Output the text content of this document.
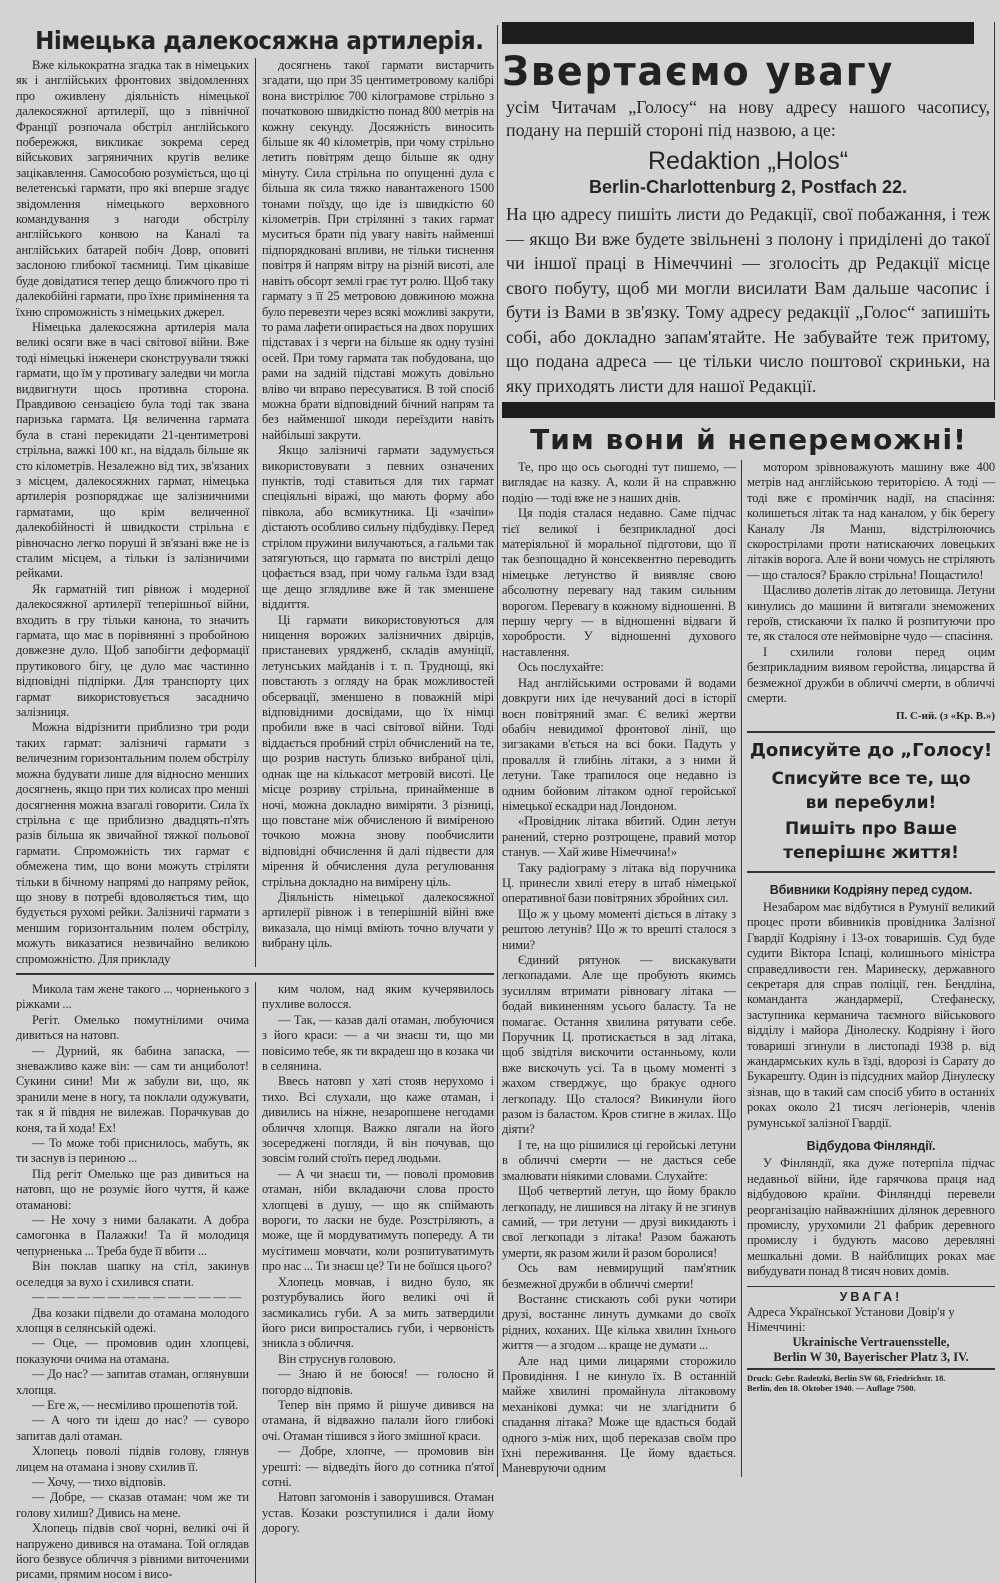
Німецька далекосяжна артилерія.

Вже кількократна згадка так в німецьких як і англійських фронтових звідомленнях про оживлену діяльність німецької далекосяжної артилерії, що з північної Франції розпочала обстріл англійського побережжя, викликає зокрема серед військових загряничних кругів велике зацікавлення. Самособою розуміється, що ці велетенські гармати, про які вперше згадує звідомлення німецького верховного командування з нагоди обстрілу англійського конвою на Каналі та англійських батарей побіч Довр, оповиті заслоною глибокої таємниці. Тим цікавіше буде довідатися тепер дещо ближчого про ті далекобійні гармати, про їхнє примінення та їхню спроможність з німецьких джерел.

Німецька далекосяжна артилерія мала великі осяги вже в часі світової війни. Вже тоді німецькі інженери сконструували тяжкі гармати, що їм у противагу заледви чи могла видвигнути щось противна сторона. Правдивою сензацією була тоді так звана паризька гармата. Ця величенна гармата була в стані перекидати 21-центиметрові стрільна, важкі 100 кг., на віддаль більше як сто кілометрів. Незалежно від тих, зв'язаних з місцем, далекосяжних гармат, німецька артилерія розпоряджає ще залізничними гарматами, що крім величенної далекобійності й швидкости стрільна є рівночасно легко поруші й зв'язані вже не із сталим місцем, а тільки із залізничими рейками.

Як гарматній тип рівнож і модерної далекосяжної артилерії теперішньої війни, входить в гру тільки канона, то значить гармата, що має в порівнянні з пробойною довжезне дуло. Щоб запобігти деформації прутикового бігу, це дуло має частинно відповідні підпірки. Для транспорту цих гармат використовується засадничо залізниця.

Можна відрізнити приблизно три роди таких гармат: залізничі гармати з величезним горизонтальним полем обстрілу можна будувати лише для відносно менших досягнень, якщо при тих колисах про менші досягнення можна взагалі говорити. Сила їх стрільна є ще приблизно двадцять-п'ять разів більша як звичайної тяжкої польової гармати. Спроможність тих гармат є обмежена тим, що вони можуть стріляти тільки в бічному напрямі до напряму рейок, що знову в потребі вдоволяється тим, що будується рухомі рейки. Залізничі гармати з меншим горизонтальним полем обстрілу, можуть виказатися незвичайно великою спроможністю. Для прикладу

досягнень такої гармати вистарчить згадати, що при 35 центиметровому калібрі вона вистрілює 700 кілограмове стрільно з початковою швидкістю понад 800 метрів на кожну секунду. Досяжність виносить більше як 40 кілометрів, при чому стрільно летить повітрям дещо більше як одну мінуту. Сила стрільна по опущенні дула є більша як сила тяжко навантаженого 1500 тонами поїзду, що іде із швидкістю 60 кілометрів. При стрілянні з таких гармат муситься брати під увагу навіть найменші підпорядковані впливи, не тільки тиснення повітря й напрям вітру на різній висоті, але навіть обсорт землі грає тут ролю. Щоб таку гармату з її 25 метровою довжиною можна було перевезти через всякі можливі закрути, то рама лафети опирається на двох поруших підставах і з черги на більше як одну тузіні осей. При тому гармата так побудована, що рами на задній підставі можуть довільно вліво чи вправо пересуватися. В той спосіб можна брати відповідний бічний напрям та без найменшої шкоди переїздити навіть найбільші закрути.

Якщо залізничі гармати задумується використовувати з певних означених пунктів, тоді ставиться для тих гармат спеціяльні віражі, що мають форму або півкола, або всмикутника. Ці «зачіпи» дістають особливо сильну підбудівку. Перед стрілом пружини вилучаються, а гальми так затягуються, що гармата по вистрілі дещо цофається взад, при чому гальма їзди взад ще дещо зглядливе вже й так зменшене віддиття.

Ці гармати використовуються для нищення ворожих залізничних двірців, пристаневих урядженб, складів амуніції, летунських майданів і т. п. Труднощі, які повстають з огляду на брак можливостей обсервації, зменшено в поважній мірі відповідними досвідами, що їх німці пробили вже в часі світової війни. Тоді віддається пробний стріл обчислений на те, що розрив настуть близько вибраної цілі, однак ще на кількасот метровій висоті. Це місце розриву стрільна, принайменше в ночі, можна докладно виміряти. З різниці, що повстане між обчисленою й виміреною точкою можна знову пообчислити відповідні обчислення й далі підвести для мірення й обчислення дула регулювання стрільна докладно на вимірену ціль.

Діяльність німецької далекосяжної артилерії рівнож і в теперішній війні вже виказала, що німці вміють точно влучати у вибрану ціль.

Микола там жене такого ... чорненького з ріжками ...

Регіт. Омелько помутнілими очима дивиться на натовп.

— Дурний, як бабина запаска, — зневажливо каже він: — сам ти анциболот! Сукини сини! Ми ж забули ви, що, як зранили мене в ногу, та поклали одужувати, так я й півдня не вилежав. Порачкував до коня, та й хода! Ех!

— То може тобі приснилось, мабуть, як ти заснув із периною ...

Під регіт Омелько ще раз дивиться на натовп, що не розуміє його чуття, й каже отаманові:

— Не хочу з ними балакати. А добра самогонка в Палажки! Та й молодиця чепурненька ... Треба буде її вбити ...

Він поклав шапку на стіл, закинув оселедця за вухо і схилився спати.

— — — — — — — — — — — — — —

Два козаки підвели до отамана молодого хлопця в селянській одежі.

— Оце, — промовив один хлопцеві, показуючи очима на отамана.

— До нас? — запитав отаман, оглянувши хлопця.

— Еге ж, — несміливо прошепотів той.

— А чого ти ідеш до нас? — суворо запитав далі отаман.

Хлопець поволі підвів голову, глянув лицем на отамана і знову схилив її.

— Хочу, — тихо відповів.

— Добре, — сказав отаман: чом же ти голову хилиш? Дивись на мене.

Хлопець підвів свої чорні, великі очі й напружено дивився на отамана. Той оглядав його безвусе обличчя з рівними виточеними рисами, прямим носом і висо-

ким чолом, над яким кучерявилось пухливе волосся.

— Так, — казав далі отаман, любуючися з його краси: — а чи знаєш ти, що ми повісимо тебе, як ти вкрадеш що в козака чи в селянина.

Ввесь натовп у хаті стояв нерухомо і тихо. Всі слухали, що каже отаман, і дивились на ніжне, незаропшене негодами обличчя хлопця. Важко лягали на його зосереджені погляди, й він почував, що зовсім голий стоїть перед людьми.

— А чи знаєш ти, — поволі промовив отаман, ніби вкладаючи слова просто хлопцеві в душу, — що як спіймають вороги, то ласки не буде. Розстріляють, а може, ще й мордуватимуть попереду. А ти мусітимеш мовчати, коли розпитуватимуть про нас ... Ти знаєш це? Ти не боїшся цього?

Хлопець мовчав, і видно було, як розтурбувались його великі очі й засмикались губи. А за мить затвердили його риси випростались губи, і червоність зникла з обличчя.

Він струснув головою.

— Знаю й не боюся! — голосно й погордо відповів.

Тепер він прямо й рішуче дивився на отамана, й відважно палали його глибокі очі. Отаман тішився з його змішної краси.

— Добре, хлопче, — промовив він урешті: — відведіть його до сотника п'ятої сотні.

Натовп загомонів і заворушився. Отаман устав. Козаки розступилися і дали йому дорогу.

Звертаємо увагу
усім Читачам „Голосу“ на нову адресу нашого часопису, подану на першій стороні під назвою, а це:
Redaktion „Holos“
Berlin-Charlottenburg 2, Postfach 22.
На цю адресу пишіть листи до Редакції, свої побажання, і теж — якщо Ви вже будете звільнені з полону і приділені до такої чи іншої праці в Німеччині — зголосіть др Редакції місце свого побуту, щоб ми могли висилати Вам дальше часопис і бути із Вами в зв'язку. Тому адресу редакції „Голос“ запишіть собі, або докладно запам'ятайте. Не забувайте теж притому, що подана адреса — це тільки число поштової скриньки, на яку приходять листи для нашої Редакції.
Тим вони й непереможні!

Те, про що ось сьогодні тут пишемо, — виглядає на казку. А, коли й на справжню подію — тоді вже не з наших днів.

Ця подія сталася недавно. Саме підчас тієї великої і безприкладної досі матеріяльної й моральної підготови, що її так безпощадно й консеквентно переводить німецьке летунство й виявляє свою абсолютну перевагу над таким сильним ворогом. Перевагу в кожному відношенні. В першу чергу — в відношенні відваги й хоробрости. У відношенні духового наставлення.

Ось послухайте:

Над англійськими островами й водами довкруги них іде нечуваний досі в історії воєн повітряний змаг. Є великі жертви обабіч невидимої фронтової лінії, що зигзаками в'ється на всі боки. Падуть у провалля й глибінь літаки, а з ними й летуни. Таке трапилося оце недавно із одним бойовим літаком одної геройської німецької ескадри над Лондоном.

«Провідник літака вбитий. Один летун ранений, стерно розтрощене, правий мотор станув. — Хай живе Німеччина!»

Таку радіограму з літака від поручника Ц. принесли хвилі етеру в штаб німецької оперативної бази повітряних збройних сил.

Що ж у цьому моменті діється в літаку з рештою летунів? Що ж то врешті сталося з ними?

Єдиний рятунок — вискакувати легкопадами. Але ще пробують якимсь зусиллям втримати рівновагу літака — бодай викиненням усього баласту. Та не помагає. Остання хвилина рятувати себе. Поручник Ц. протискається в зад літака, щоб звідтіля вискочити останньому, коли вже вискочуть усі. Та в цьому моменті з жахом стверджує, що бракує одного легкопаду. Що сталося? Викинули його разом із баластом. Кров стигне в жилах. Що діяти?

І те, на що рішилися ці геройські летуни в обличчі смерти — не дасться себе змалювати ніякими словами. Слухайте:

Щоб четвертий летун, що йому бракло легкопаду, не лишився на літаку й не згинув самий, — три летуни — друзі викидають і свої легкопади з літака! Разом бажають умерти, як разом жили й разом боролися!

Ось вам невмирущий пам'ятник безмежної дружби в обличчі смерти!

Востаннє стискають собі руки чотири друзі, востаннє линуть думками до своїх рідних, коханих. Ще кілька хвилин їхнього життя — а згодом ... краще не думати ...

Але над цими лицарями сторожило Провидіння. І не кинуло їх. В останній майже хвилині промайнула літаковому механікові думка: чи не злагіднити б спадання літака? Може ще вдасться бодай одного з-між них, щоб переказав своїм про їхні переживання. Це йому вдається. Маневруючи одним

мотором зрівноважують машину вже 400 метрів над англійською територією. А тоді — тоді вже є промінчик надії, на спасіння: колишеться літак та над каналом, у бік берегу Каналу Ля Манш, відстрілюючись скорострілами проти натискаючих ловецьких літаків ворога. Але й вони чомусь не стріляють — що сталося? Бракло стрільна! Пощастило!

Щасливо долетів літак до летовища. Летуни кинулись до машини й витягали знеможених героїв, стискаючи їх палко й розпитуючи про те, як сталося оте неймовірне чудо — спасіння.

І схилили голови перед оцим безприкладним виявом геройства, лицарства й безмежної дружби в обличчі смерти, в обличчі смерти.

П. С-ий. (з «Кр. В.»)
Дописуйте до „Голосу!
Списуйте все те, що ви перебули!
Пишіть про Ваше теперішнє життя!

Вбивники Кодріяну перед судом.

Незабаром має відбутися в Румунії великий процес проти вбивників провідника Залізної Гвардії Кодріяну і 13-ох товаришів. Суд буде судити Віктора Іспаці, колишнього міністра справедливости ген. Маринеску, державного секретаря для справ поліції, ген. Бендліна, команданта жандармерії, Стефанеску, заступника керманича таємного військового відділу і майора Дінолеску. Кодріяну і його товариші згинули в листопаді 1938 р. від жандармських куль в їзді, вдорозі із Сарату до Букарешту. Один із підсудних майор Дінулеску зізнав, що в такий сам спосіб убито в останніх роках около 21 тисяч легіонерів, членів румунської залізної Гвардії.

Відбудова Фінляндії.

У Фінляндії, яка дуже потерпіла підчас недавньої війни, йде гарячкова праця над відбудовою країни. Фінляндці перевели реорганізацію найважніших ділянок деревного промислу, урухомили 21 фабрик деревного промислу і будують масово деревляні мешкальні доми. В найблищих роках має вибудувати понад 8 тисяч нових домів.

УВАГА!
Адреса Української Установи Довір'я у Німеччині:
Ukrainische Vertrauensstelle,
Berlin W 30, Bayerischer Platz 3, IV.
Druck: Gebr. Radetzki, Berlin SW 68, Friedrichstr. 18.
Berlin, den 18. Oktober 1940. — Auflage 7500.
